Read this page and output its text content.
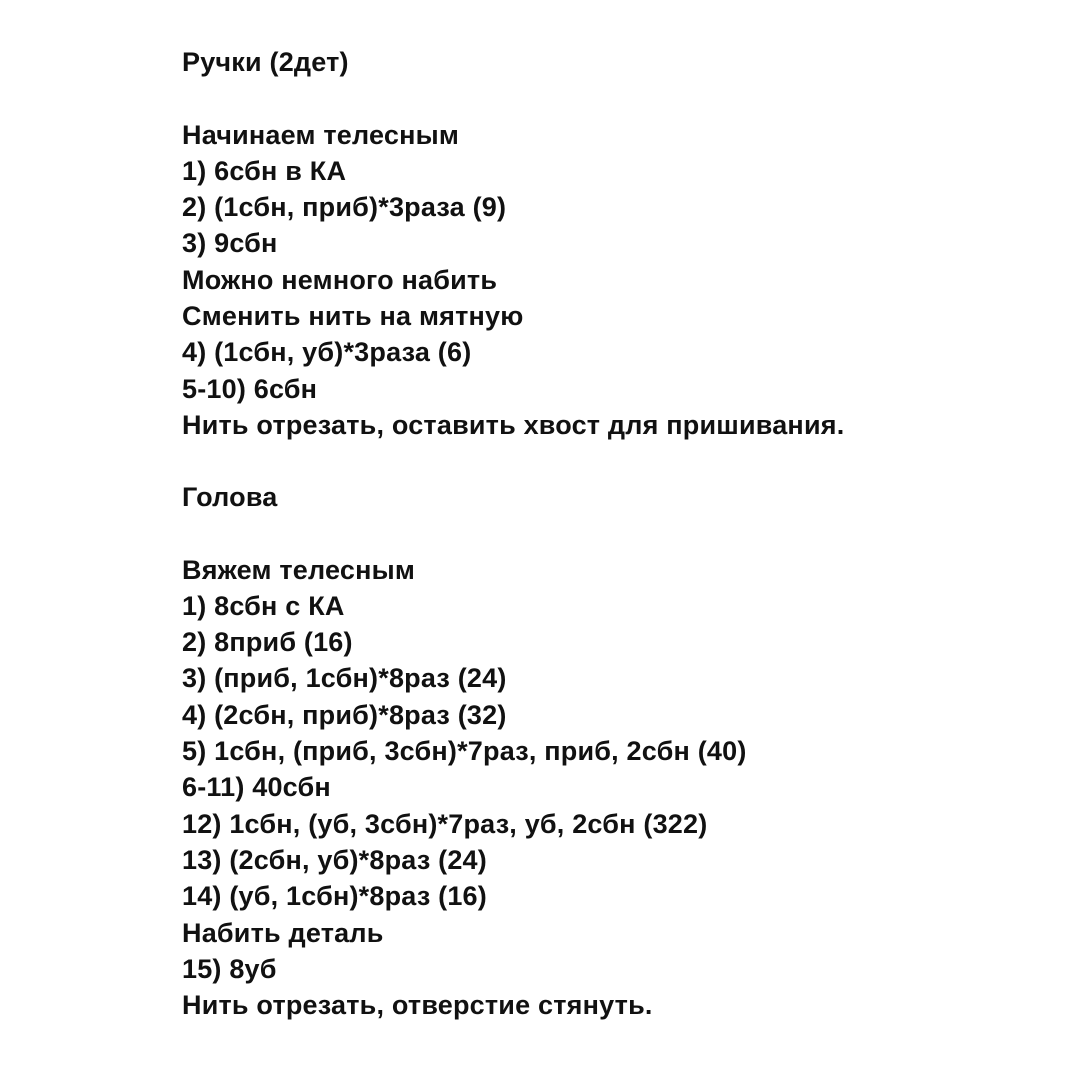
Ручки (2дет)
Начинаем телесным
1) 6сбн в КА
2) (1сбн, приб)*3раза (9)
3) 9сбн
Можно немного набить
Сменить нить на мятную
4) (1сбн, уб)*3раза (6)
5-10) 6сбн
Нить отрезать, оставить хвост для пришивания.
Голова
Вяжем телесным
1) 8сбн с КА
2) 8приб (16)
3) (приб, 1сбн)*8раз (24)
4) (2сбн, приб)*8раз (32)
5) 1сбн, (приб, 3сбн)*7раз, приб, 2сбн (40)
6-11) 40сбн
12) 1сбн, (уб, 3сбн)*7раз, уб, 2сбн (322)
13) (2сбн, уб)*8раз (24)
14) (уб, 1сбн)*8раз (16)
Набить деталь
15) 8уб
Нить отрезать, отверстие стянуть.
